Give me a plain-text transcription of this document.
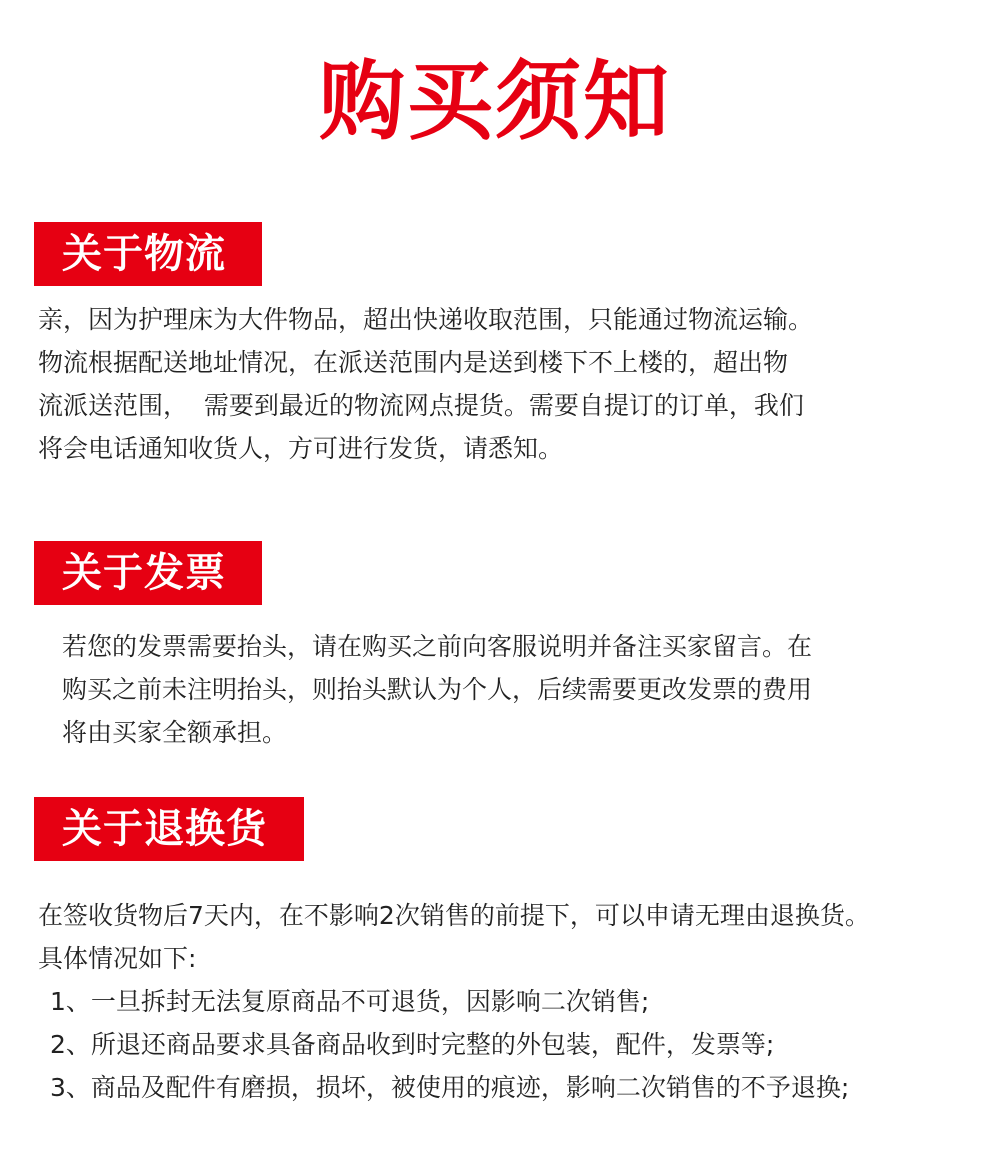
购买须知
关于物流
亲，因为护理床为大件物品，超出快递收取范围，只能通过物流运输。
物流根据配送地址情况，在派送范围内是送到楼下不上楼的，超出物
流派送范围，  需要到最近的物流网点提货。需要自提订的订单，我们
将会电话通知收货人，方可进行发货，请悉知。
关于发票
若您的发票需要抬头，请在购买之前向客服说明并备注买家留言。在
购买之前未注明抬头，则抬头默认为个人，后续需要更改发票的费用
将由买家全额承担。
关于退换货
在签收货物后7天内，在不影响2次销售的前提下，可以申请无理由退换货。
具体情况如下:
1、一旦拆封无法复原商品不可退货，因影响二次销售;
2、所退还商品要求具备商品收到时完整的外包装，配件，发票等;
3、商品及配件有磨损，损坏，被使用的痕迹，影响二次销售的不予退换;
